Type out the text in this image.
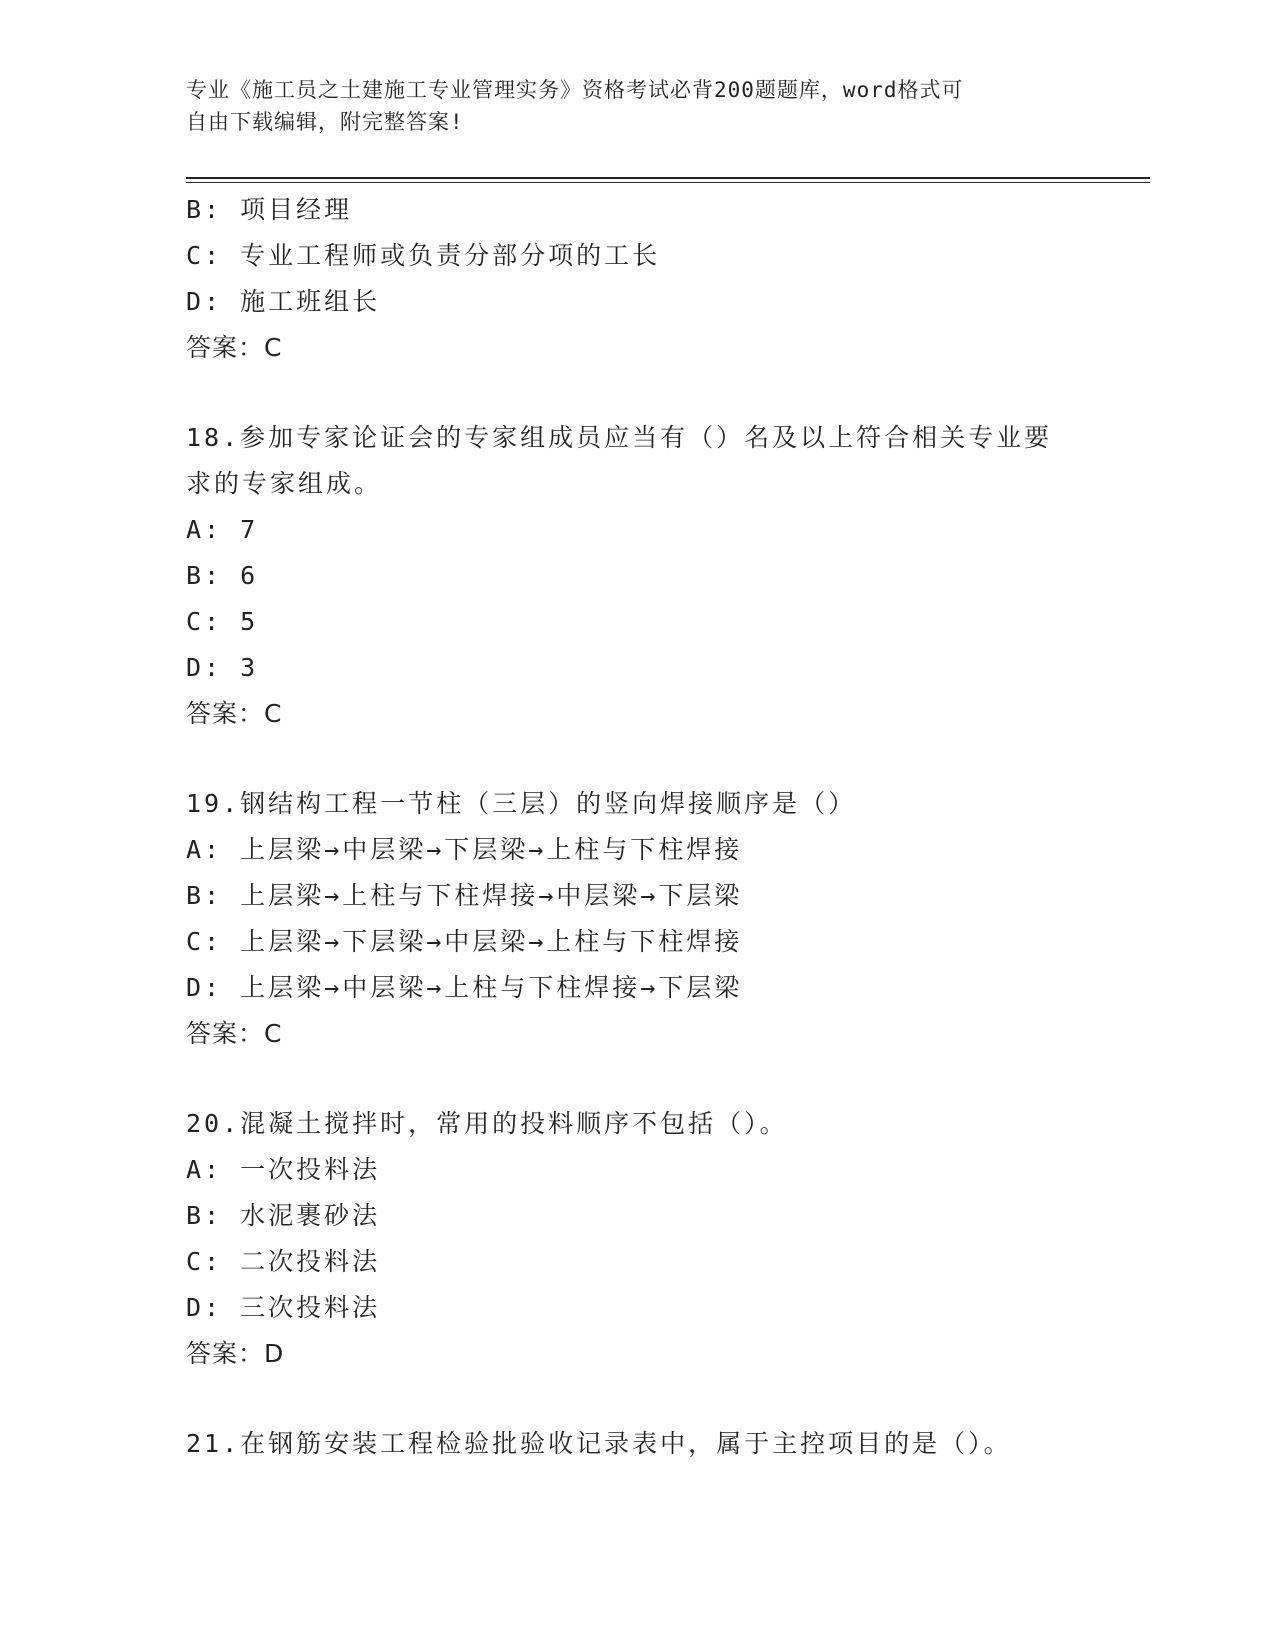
专业《施工员之土建施工专业管理实务》资格考试必背200题题库，word格式可
自由下载编辑，附完整答案!
B: 项目经理
C: 专业工程师或负责分部分项的工长
D: 施工班组长
答案：C
18.参加专家论证会的专家组成员应当有（）名及以上符合相关专业要
求的专家组成。
A: 7
B: 6
C: 5
D: 3
答案：C
19.钢结构工程一节柱（三层）的竖向焊接顺序是（）
A: 上层梁→中层梁→下层梁→上柱与下柱焊接
B: 上层梁→上柱与下柱焊接→中层梁→下层梁
C: 上层梁→下层梁→中层梁→上柱与下柱焊接
D: 上层梁→中层梁→上柱与下柱焊接→下层梁
答案：C
20.混凝土搅拌时，常用的投料顺序不包括（）。
A: 一次投料法
B: 水泥裹砂法
C: 二次投料法
D: 三次投料法
答案：D
21.在钢筋安装工程检验批验收记录表中，属于主控项目的是（）。
